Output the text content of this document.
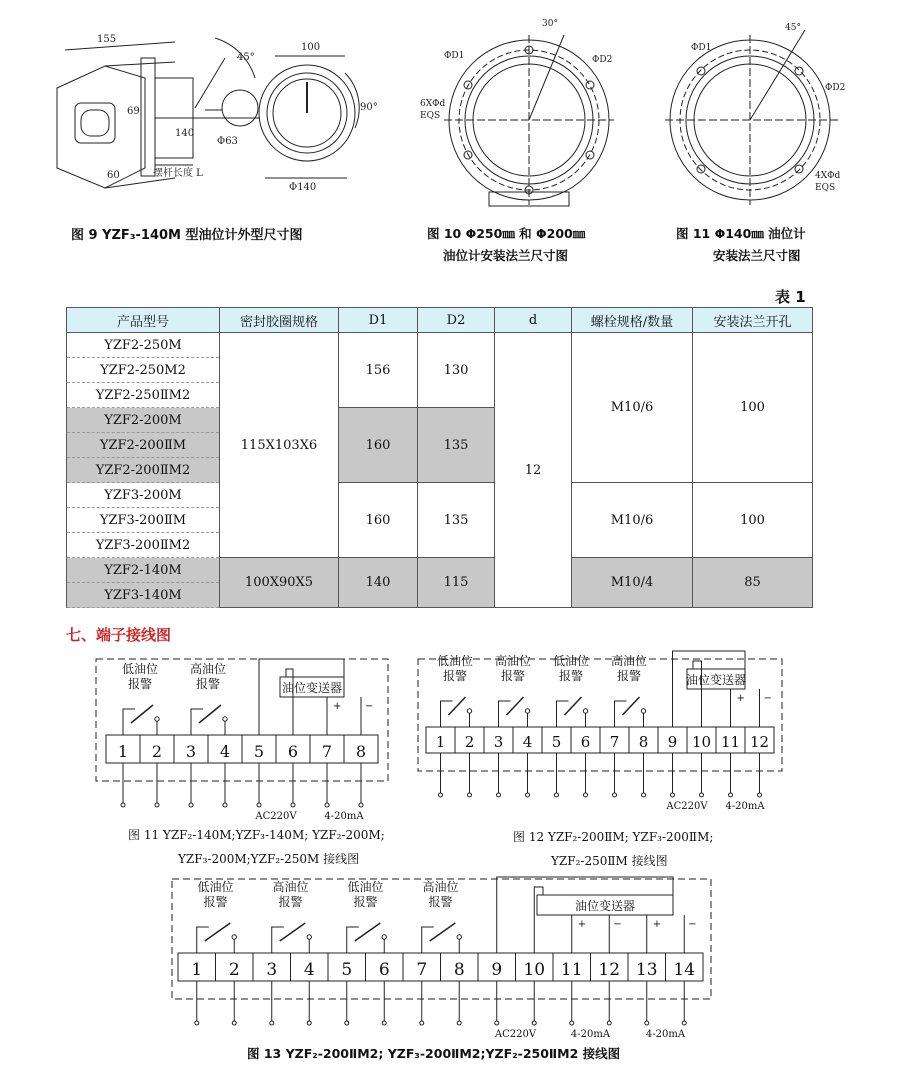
155
100
45°
90°
69
140
Φ63
60	摆杆长度 L
Φ140
图 9 YZF₃-140M 型油位计外型尺寸图
30°
ΦD1	ΦD2
6XΦd
EQS
图 10 Φ250㎜ 和 Φ200㎜
油位计安装法兰尺寸图
45°
ΦD1
ΦD2
4XΦd
EQS
图 11 Φ140㎜ 油位计
安装法兰尺寸图
表 1
产品型号	密封胶圈规格	D1	D2	d	螺栓规格/数量	安装法兰开孔
YZF2-250M	115X103X6	156	130	12	M10/6	100
YZF2-250M2						
YZF2-250ⅡM2						
YZF2-200M		160	135			
YZF2-200ⅡM						
YZF2-200ⅡM2						
YZF3-200M		160	135		M10/6	100
YZF3-200ⅡM						
YZF3-200ⅡM2						
YZF2-140M	100X90X5	140	115		M10/4	85
YZF3-140M						
七、端子接线图
1 2 3 4 5 6 7 8
低油位
报警
高油位
报警	油位变送器
+ −
4-20mA
AC220V
1 2 3 4 5 6 7 8 9 10 11 12
低油位
报警
高油位
报警
低油位
报警
高油位
报警	油位变送器
+ −
4-20mA
AC220V
1 2 3 4 5 6 7 8 9 10 11 12 13 14
低油位
报警
高油位
报警
低油位
报警
高油位
报警	油位变送器
+	−
4-20mA
+	−
4-20mA
AC220V
图 11 YZF₂-140M;YZF₃-140M; YZF₂-200M;
YZF₃-200M;YZF₂-250M 接线图
图 12 YZF₂-200ⅡM; YZF₃-200ⅡM;
YZF₂-250ⅡM 接线图
图 13 YZF₂-200ⅡM2; YZF₃-200ⅡM2;YZF₂-250ⅡM2 接线图
